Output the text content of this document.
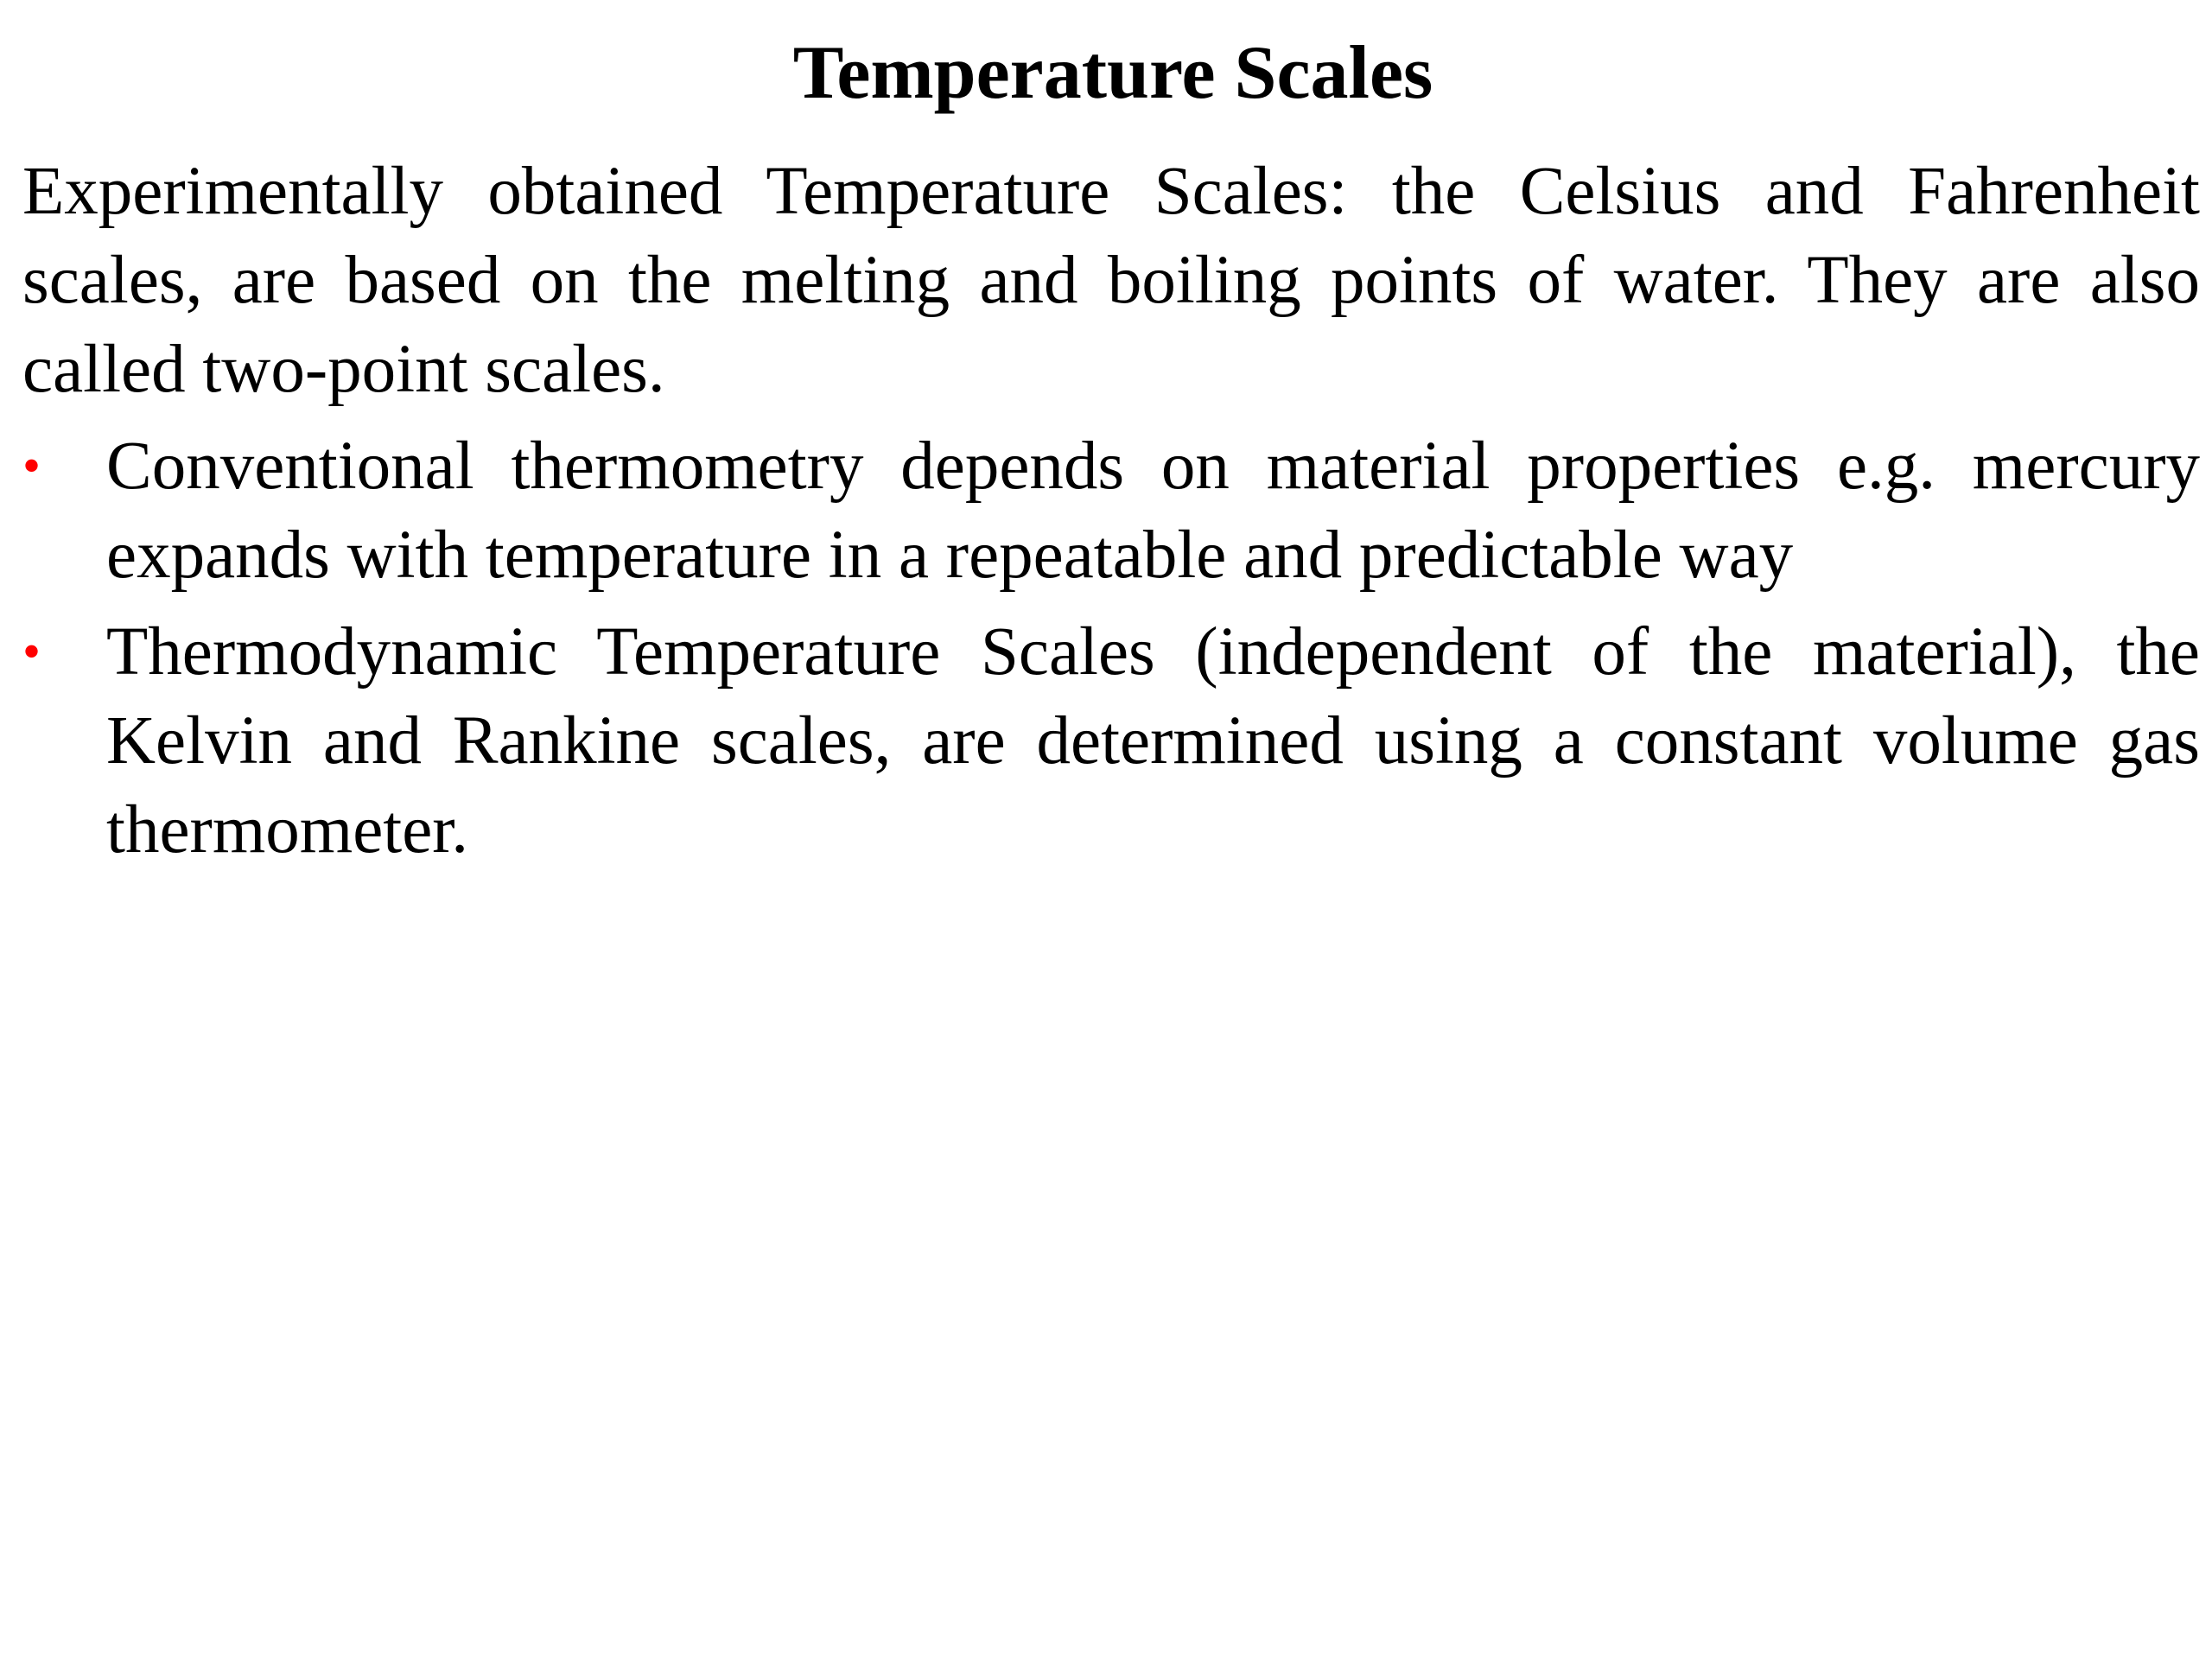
Temperature Scales

Experimentally obtained Temperature Scales: the Celsius and Fahrenheit scales, are based on the melting and boiling points of water. They are also called two-point scales.

• Conventional thermometry depends on material properties e.g. mercury expands with temperature in a repeatable and predictable way
• Thermodynamic Temperature Scales (independent of the material), the Kelvin and Rankine scales, are determined using a constant volume gas thermometer.
